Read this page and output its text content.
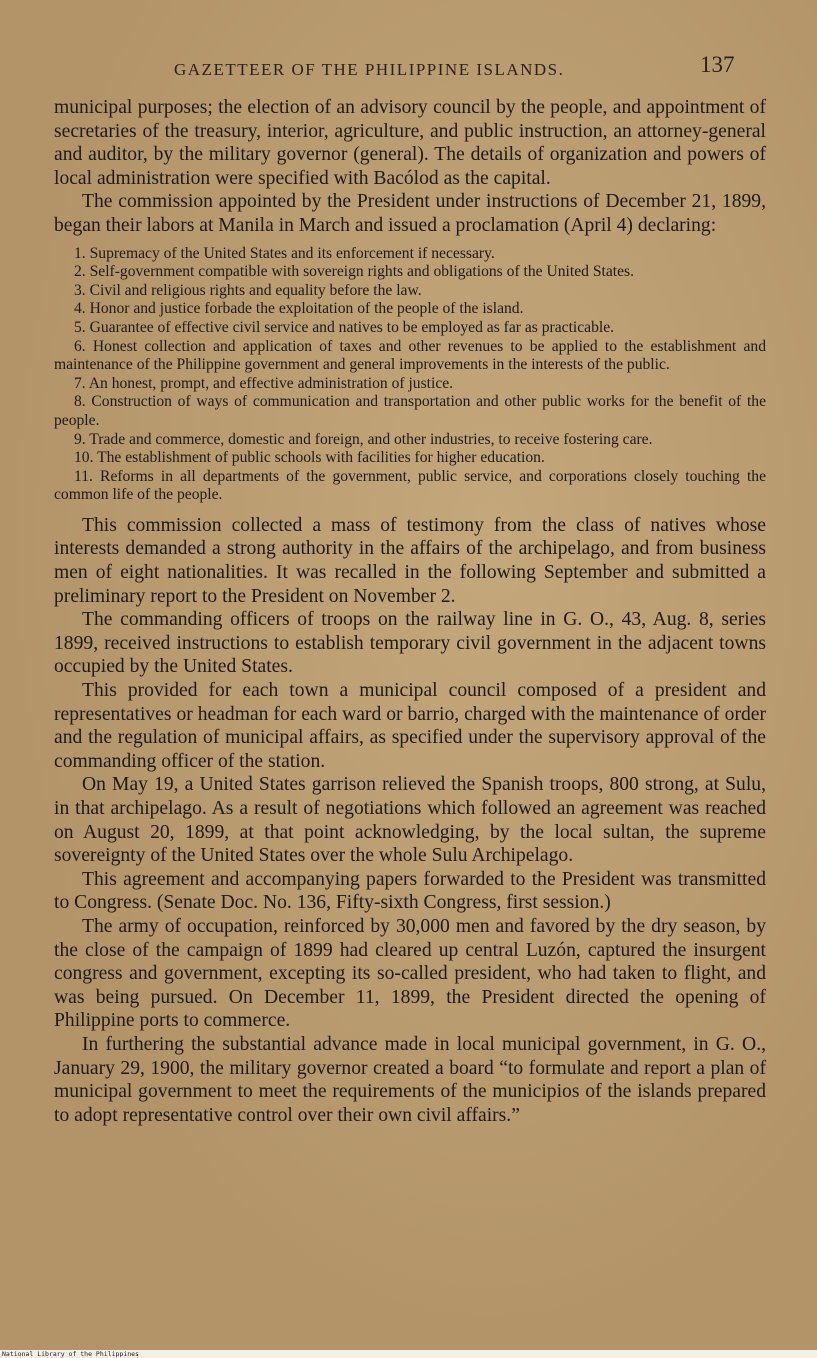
GAZETTEER OF THE PHILIPPINE ISLANDS.	137

municipal purposes; the election of an advisory council by the people, and appointment of secretaries of the treasury, interior, agriculture, and public instruction, an attorney-general and auditor, by the military governor (general). The details of organization and powers of local administration were specified with Bacólod as the capital.

The commission appointed by the President under instructions of December 21, 1899, began their labors at Manila in March and issued a proclamation (April 4) declaring:

1. Supremacy of the United States and its enforcement if necessary.
2. Self-government compatible with sovereign rights and obligations of the United States.
3. Civil and religious rights and equality before the law.
4. Honor and justice forbade the exploitation of the people of the island.
5. Guarantee of effective civil service and natives to be employed as far as practicable.
6. Honest collection and application of taxes and other revenues to be applied to the establishment and maintenance of the Philippine government and general improvements in the interests of the public.
7. An honest, prompt, and effective administration of justice.
8. Construction of ways of communication and transportation and other public works for the benefit of the people.
9. Trade and commerce, domestic and foreign, and other industries, to receive fostering care.
10. The establishment of public schools with facilities for higher education.
11. Reforms in all departments of the government, public service, and corporations closely touching the common life of the people.

This commission collected a mass of testimony from the class of natives whose interests demanded a strong authority in the affairs of the archipelago, and from business men of eight nationalities. It was recalled in the following September and submitted a preliminary report to the President on November 2.

The commanding officers of troops on the railway line in G. O., 43, Aug. 8, series 1899, received instructions to establish temporary civil government in the adjacent towns occupied by the United States.

This provided for each town a municipal council composed of a president and representatives or headman for each ward or barrio, charged with the maintenance of order and the regulation of municipal affairs, as specified under the supervisory approval of the commanding officer of the station.

On May 19, a United States garrison relieved the Spanish troops, 800 strong, at Sulu, in that archipelago. As a result of negotiations which followed an agreement was reached on August 20, 1899, at that point acknowledging, by the local sultan, the supreme sovereignty of the United States over the whole Sulu Archipelago.

This agreement and accompanying papers forwarded to the President was transmitted to Congress. (Senate Doc. No. 136, Fifty-sixth Congress, first session.)

The army of occupation, reinforced by 30,000 men and favored by the dry season, by the close of the campaign of 1899 had cleared up central Luzón, captured the insurgent congress and government, excepting its so-called president, who had taken to flight, and was being pursued. On December 11, 1899, the President directed the opening of Philippine ports to commerce.

In furthering the substantial advance made in local municipal government, in G. O., January 29, 1900, the military governor created a board “to formulate and report a plan of municipal government to meet the requirements of the municipios of the islands prepared to adopt representative control over their own civil affairs.”

National Library of the Philippines
